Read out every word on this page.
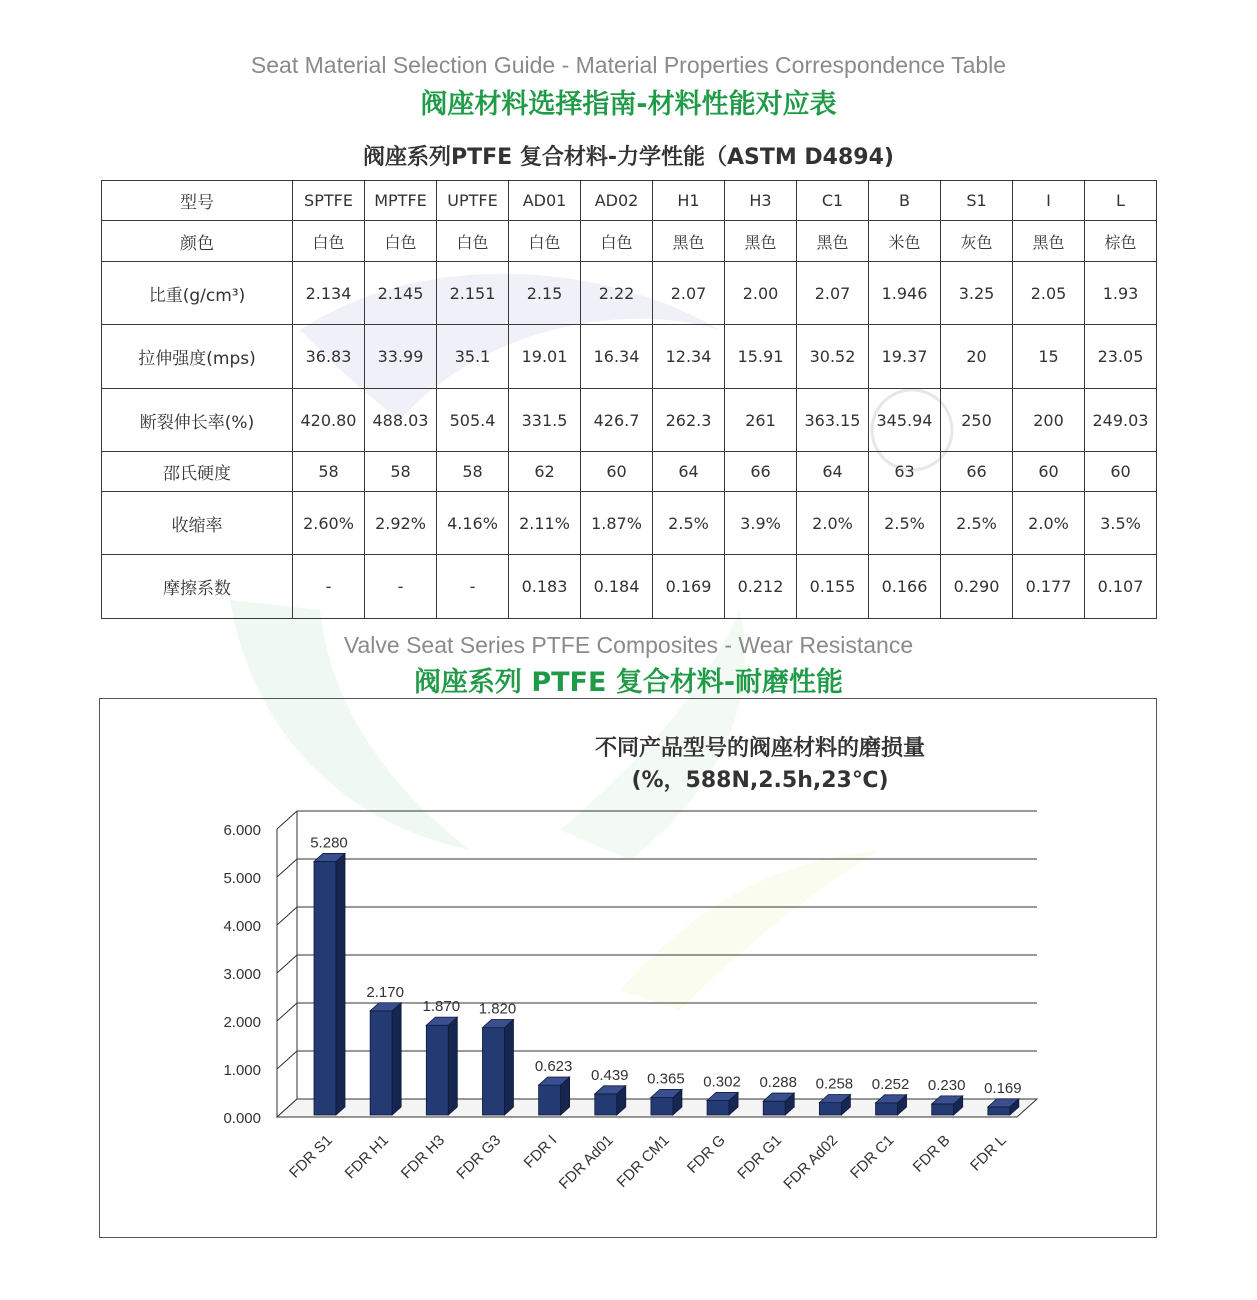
Seat Material Selection Guide - Material Properties Correspondence Table
阀座材料选择指南-材料性能对应表
阀座系列PTFE 复合材料-力学性能（ASTM D4894)
型号	SPTFE	MPTFE	UPTFE	AD01	AD02	H1	H3	C1	B	S1	I	L
颜色	白色	白色	白色	白色	白色	黑色	黑色	黑色	米色	灰色	黑色	棕色
比重(g/cm³)	2.134	2.145	2.151	2.15	2.22	2.07	2.00	2.07	1.946	3.25	2.05	1.93
拉伸强度(mps)	36.83	33.99	35.1	19.01	16.34	12.34	15.91	30.52	19.37	20	15	23.05
断裂伸长率(%)	420.80	488.03	505.4	331.5	426.7	262.3	261	363.15	345.94	250	200	249.03
邵氏硬度	58	58	58	62	60	64	66	64	63	66	60	60
收缩率	2.60%	2.92%	4.16%	2.11%	1.87%	2.5%	3.9%	2.0%	2.5%	2.5%	2.0%	3.5%
摩擦系数	-	-	-	0.183	0.184	0.169	0.212	0.155	0.166	0.290	0.177	0.107
Valve Seat Series PTFE Composites - Wear Resistance
阀座系列 PTFE 复合材料-耐磨性能
不同产品型号的阀座材料的磨损量
(%，588N,2.5h,23℃)
0.000
1.000
2.000
3.000
4.000
5.000
6.000
5.280
FDR S1
2.170
FDR H1
1.870
FDR H3
1.820
FDR G3
0.623
FDR I
0.439
FDR Ad01
0.365
FDR CM1
0.302
FDR G
0.288
FDR G1
0.258
FDR Ad02
0.252
FDR C1
0.230
FDR B
0.169
FDR L
